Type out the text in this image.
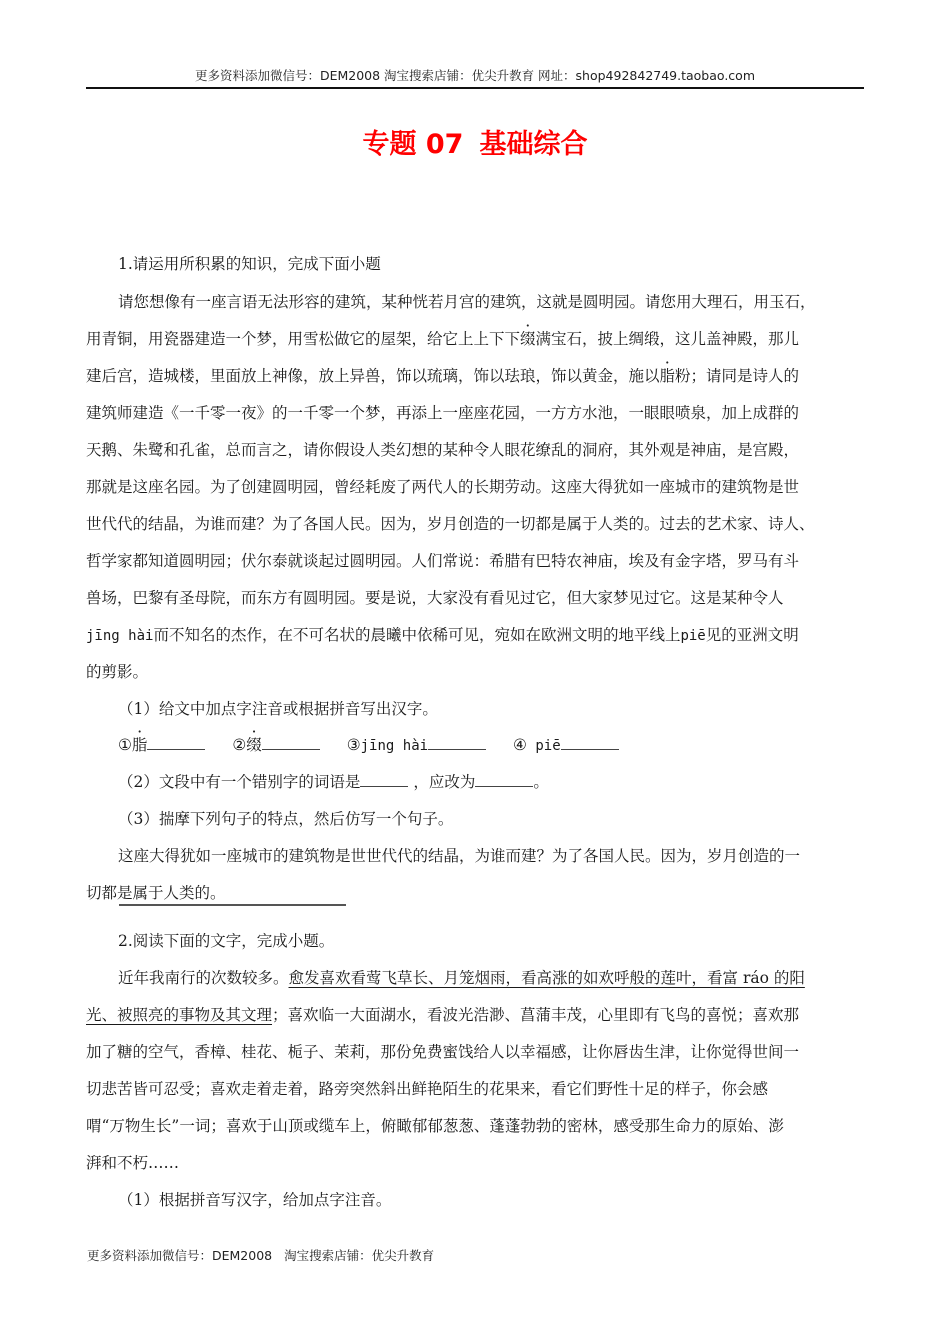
更多资料添加微信号：DEM2008 淘宝搜索店铺：优尖升教育 网址：shop492842749.taobao.com
专题 07 基础综合
1.请运用所积累的知识，完成下面小题
请您想像有一座言语无法形容的建筑，某种恍若月宫的建筑，这就是圆明园。请您用大理石，用玉石，
用青铜，用瓷器建造一个梦，用雪松做它的屋架，给它上上下下缀满宝石，披上绸缎，这儿盖神殿，那儿
建后宫，造城楼，里面放上神像，放上异兽，饰以琉璃，饰以珐琅，饰以黄金，施以脂粉；请同是诗人的
建筑师建造《一千零一夜》的一千零一个梦，再添上一座座花园，一方方水池，一眼眼喷泉，加上成群的
天鹅、朱鹭和孔雀，总而言之，请你假设人类幻想的某种令人眼花缭乱的洞府，其外观是神庙，是宫殿，
那就是这座名园。为了创建圆明园，曾经耗废了两代人的长期劳动。这座大得犹如一座城市的建筑物是世
世代代的结晶，为谁而建？为了各国人民。因为，岁月创造的一切都是属于人类的。过去的艺术家、诗人、
哲学家都知道圆明园；伏尔泰就谈起过圆明园。人们常说：希腊有巴特农神庙，埃及有金字塔，罗马有斗
兽场，巴黎有圣母院，而东方有圆明园。要是说，大家没有看见过它，但大家梦见过它。这是某种令人
jīng hài而不知名的杰作，在不可名状的晨曦中依稀可见，宛如在欧洲文明的地平线上piē见的亚洲文明
的剪影。
（1）给文中加点字注音或根据拼音写出汉字。
①脂	②缀	③jīng hài	④ piē
（2）文段中有一个错别字的词语是	，应改为	。
（3）揣摩下列句子的特点，然后仿写一个句子。
这座大得犹如一座城市的建筑物是世世代代的结晶，为谁而建？为了各国人民。因为，岁月创造的一
切都是属于人类的。
2.阅读下面的文字，完成小题。
近年我南行的次数较多。愈发喜欢看莺飞草长、月笼烟雨，看高涨的如欢呼般的莲叶，看富 ráo 的阳
光、被照亮的事物及其文理；喜欢临一大面湖水，看波光浩渺、菖蒲丰茂，心里即有飞鸟的喜悦；喜欢那
加了糖的空气，香樟、桂花、栀子、茉莉，那份免费蜜饯给人以幸福感，让你唇齿生津，让你觉得世间一
切悲苦皆可忍受；喜欢走着走着，路旁突然斜出鲜艳陌生的花果来，看它们野性十足的样子，你会感
喟“万物生长”一词；喜欢于山顶或缆车上，俯瞰郁郁葱葱、蓬蓬勃勃的密林，感受那生命力的原始、澎
湃和不朽……
（1）根据拼音写汉字，给加点字注音。
更多资料添加微信号：DEM2008 淘宝搜索店铺：优尖升教育
